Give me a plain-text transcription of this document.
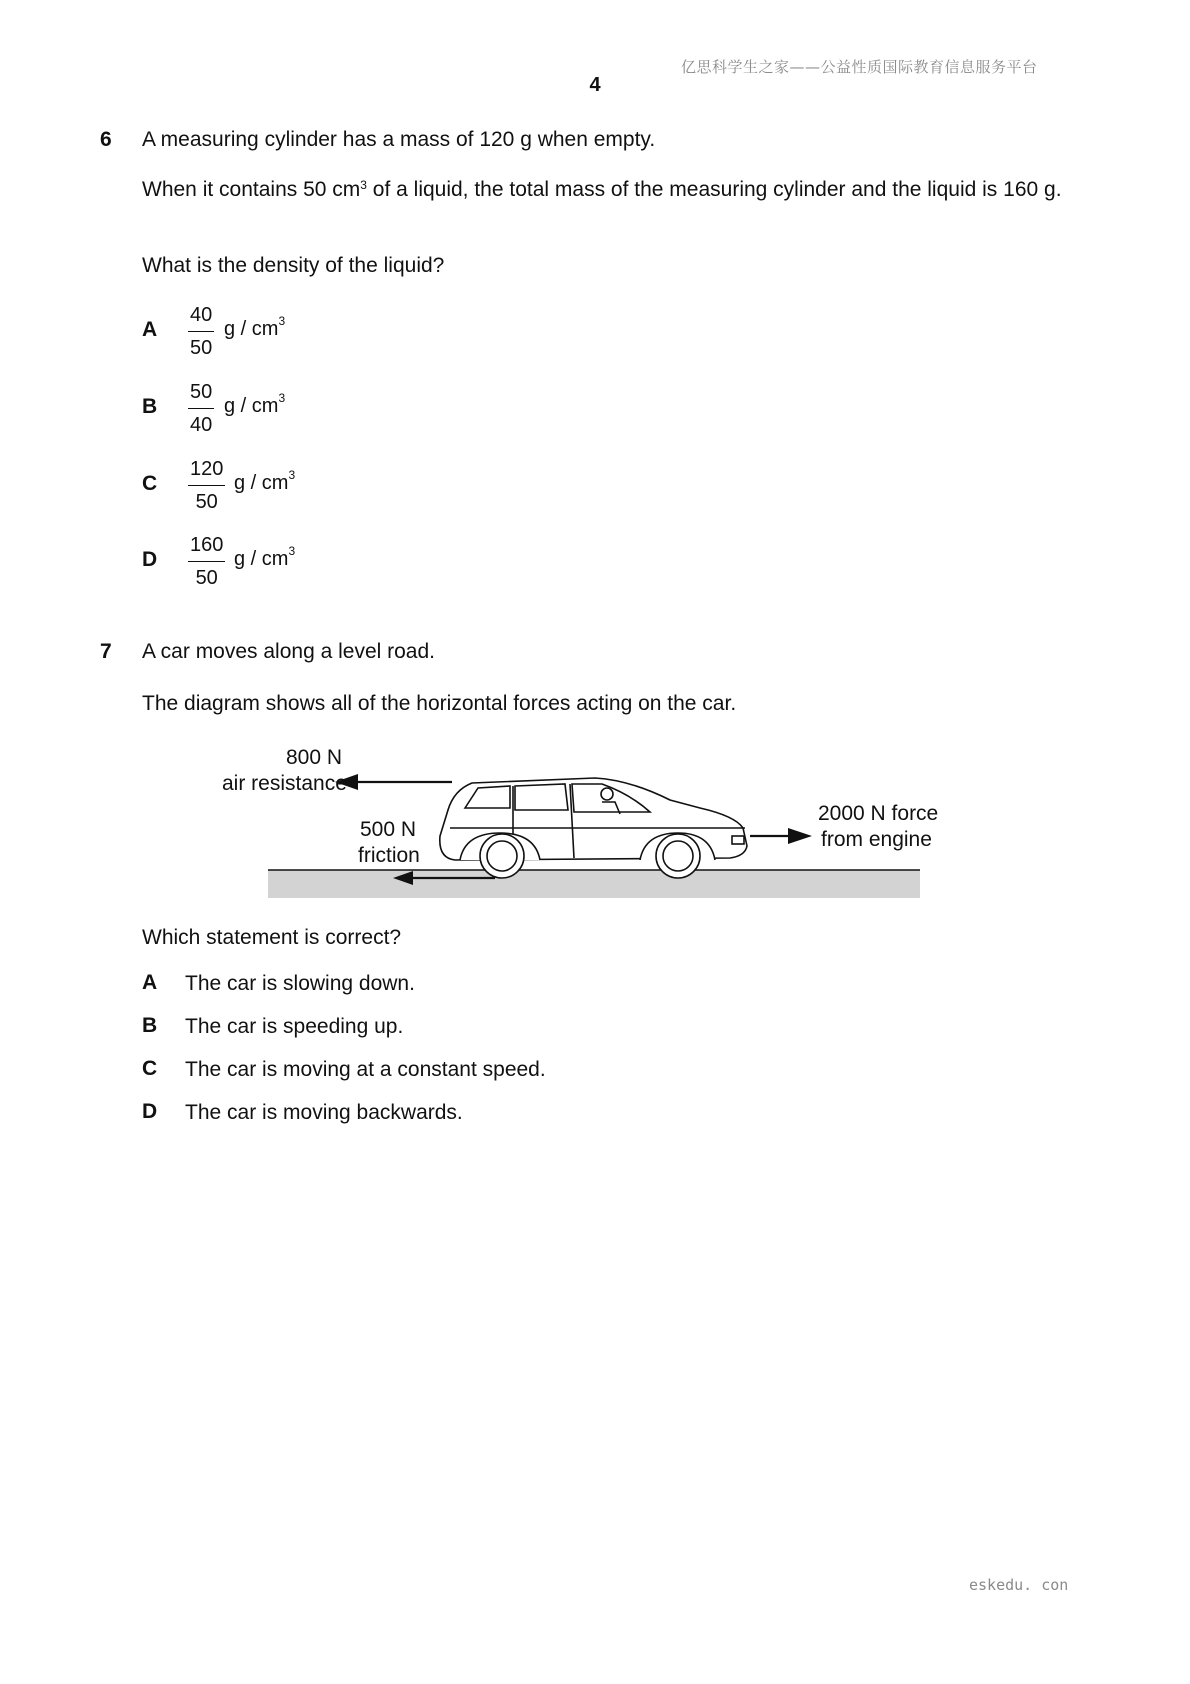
亿思科学生之家——公益性质国际教育信息服务平台
4
6 A measuring cylinder has a mass of 120 g when empty.
When it contains 50 $cm^3$ of a liquid, the total mass of the measuring cylinder and the liquid is 160 g.
What is the density of the liquid?
A $\frac{40}{50}$ g / $cm^3$
B $\frac{50}{40}$ g / $cm^3$
C $\frac{120}{50}$ g / $cm^3$
D $\frac{160}{50}$ g / $cm^3$
7 A car moves along a level road.
The diagram shows all of the horizontal forces acting on the car.
800 N
air resistance
500 N
friction
2000 N force
from engine
Which statement is correct?
A The car is slowing down.
B The car is speeding up.
C The car is moving at a constant speed.
D The car is moving backwards.
eskedu. con
